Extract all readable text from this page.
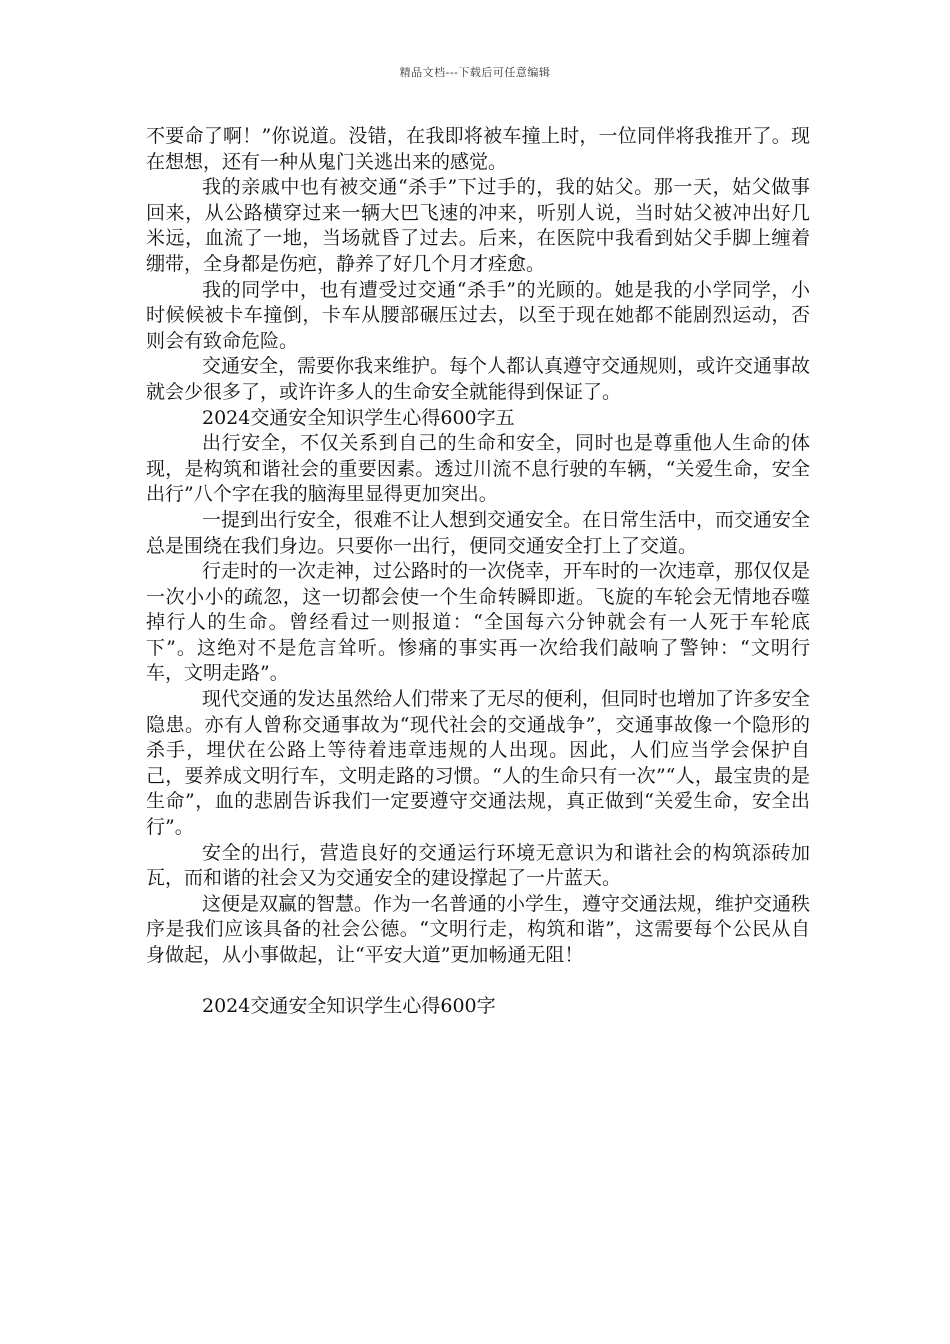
精品文档---下载后可任意编辑

不要命了啊！”你说道。没错，在我即将被车撞上时，一位同伴将我推开了。现在想想，还有一种从鬼门关逃出来的感觉。

我的亲戚中也有被交通“杀手”下过手的，我的姑父。那一天，姑父做事回来，从公路横穿过来一辆大巴飞速的冲来，听别人说，当时姑父被冲出好几米远，血流了一地，当场就昏了过去。后来，在医院中我看到姑父手脚上缠着绷带，全身都是伤疤，静养了好几个月才痊愈。

我的同学中，也有遭受过交通“杀手”的光顾的。她是我的小学同学，小时候候被卡车撞倒，卡车从腰部碾压过去，以至于现在她都不能剧烈运动，否则会有致命危险。

交通安全，需要你我来维护。每个人都认真遵守交通规则，或许交通事故就会少很多了，或许许多人的生命安全就能得到保证了。

2024交通安全知识学生心得600字五

出行安全，不仅关系到自己的生命和安全，同时也是尊重他人生命的体现，是构筑和谐社会的重要因素。透过川流不息行驶的车辆，“关爱生命，安全出行”八个字在我的脑海里显得更加突出。

一提到出行安全，很难不让人想到交通安全。在日常生活中，而交通安全总是围绕在我们身边。只要你一出行，便同交通安全打上了交道。

行走时的一次走神，过公路时的一次侥幸，开车时的一次违章，那仅仅是一次小小的疏忽，这一切都会使一个生命转瞬即逝。飞旋的车轮会无情地吞噬掉行人的生命。曾经看过一则报道：“全国每六分钟就会有一人死于车轮底下”。这绝对不是危言耸听。惨痛的事实再一次给我们敲响了警钟：“文明行车，文明走路”。

现代交通的发达虽然给人们带来了无尽的便利，但同时也增加了许多安全隐患。亦有人曾称交通事故为“现代社会的交通战争”，交通事故像一个隐形的杀手，埋伏在公路上等待着违章违规的人出现。因此，人们应当学会保护自己，要养成文明行车，文明走路的习惯。“人的生命只有一次”“人，最宝贵的是生命”，血的悲剧告诉我们一定要遵守交通法规，真正做到“关爱生命，安全出行”。

安全的出行，营造良好的交通运行环境无意识为和谐社会的构筑添砖加瓦，而和谐的社会又为交通安全的建设撑起了一片蓝天。

这便是双赢的智慧。作为一名普通的小学生，遵守交通法规，维护交通秩序是我们应该具备的社会公德。“文明行走，构筑和谐”，这需要每个公民从自身做起，从小事做起，让“平安大道”更加畅通无阻！

2024交通安全知识学生心得600字
